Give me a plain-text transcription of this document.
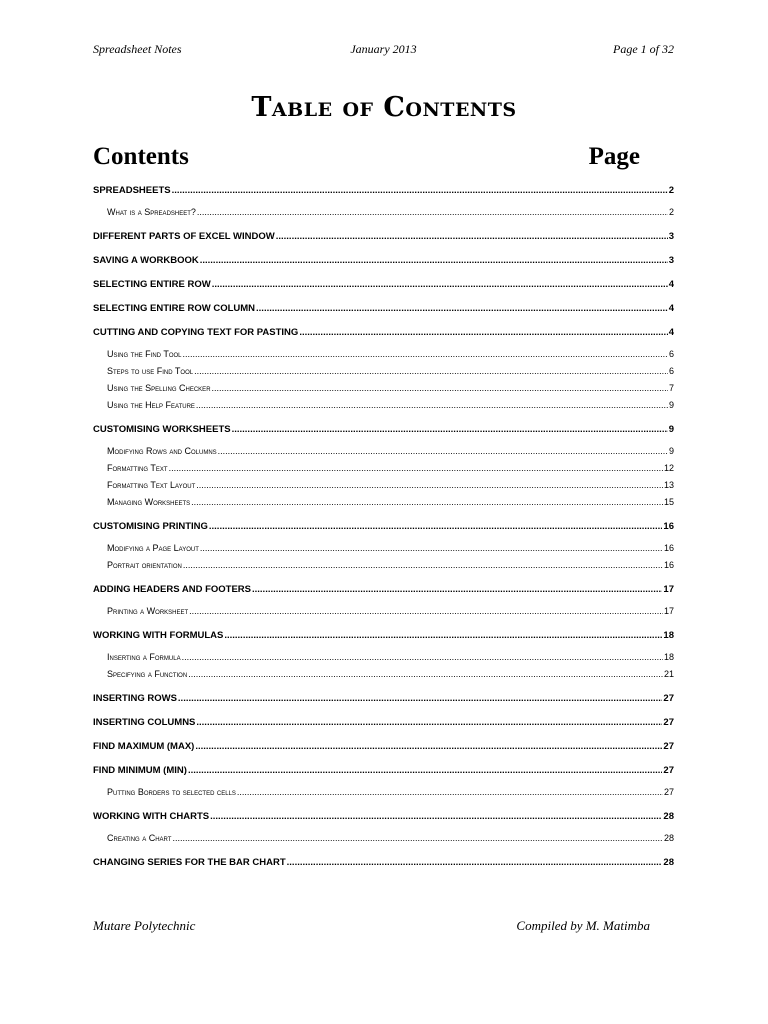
Spreadsheet Notes	January 2013	Page 1 of 32
Table of Contents
Contents	Page
SPREADSHEETS .....	2
What is a Spreadsheet? .....	2
DIFFERENT PARTS OF EXCEL WINDOW .....	3
SAVING A WORKBOOK .....	3
SELECTING ENTIRE ROW .....	4
SELECTING ENTIRE ROW COLUMN .....	4
CUTTING AND COPYING TEXT FOR PASTING .....	4
Using the Find Tool .....	6
Steps to use Find Tool .....	6
Using the Spelling Checker .....	7
Using the Help Feature .....	9
CUSTOMISING WORKSHEETS .....	9
Modifying Rows and Columns .....	9
Formatting Text .....	12
Formatting Text Layout .....	13
Managing Worksheets .....	15
CUSTOMISING PRINTING .....	16
Modifying a Page Layout .....	16
Portrait orientation .....	16
ADDING HEADERS AND FOOTERS .....	17
Printing a Worksheet .....	17
WORKING WITH FORMULAS .....	18
Inserting a Formula .....	18
Specifying a Function .....	21
INSERTING ROWS .....	27
INSERTING COLUMNS .....	27
FIND MAXIMUM (MAX) .....	27
FIND MINIMUM (MIN) .....	27
Putting Borders to selected cells .....	27
WORKING WITH CHARTS .....	28
Creating a Chart .....	28
CHANGING SERIES FOR THE BAR CHART .....	28
Mutare Polytechnic	Compiled by M. Matimba
